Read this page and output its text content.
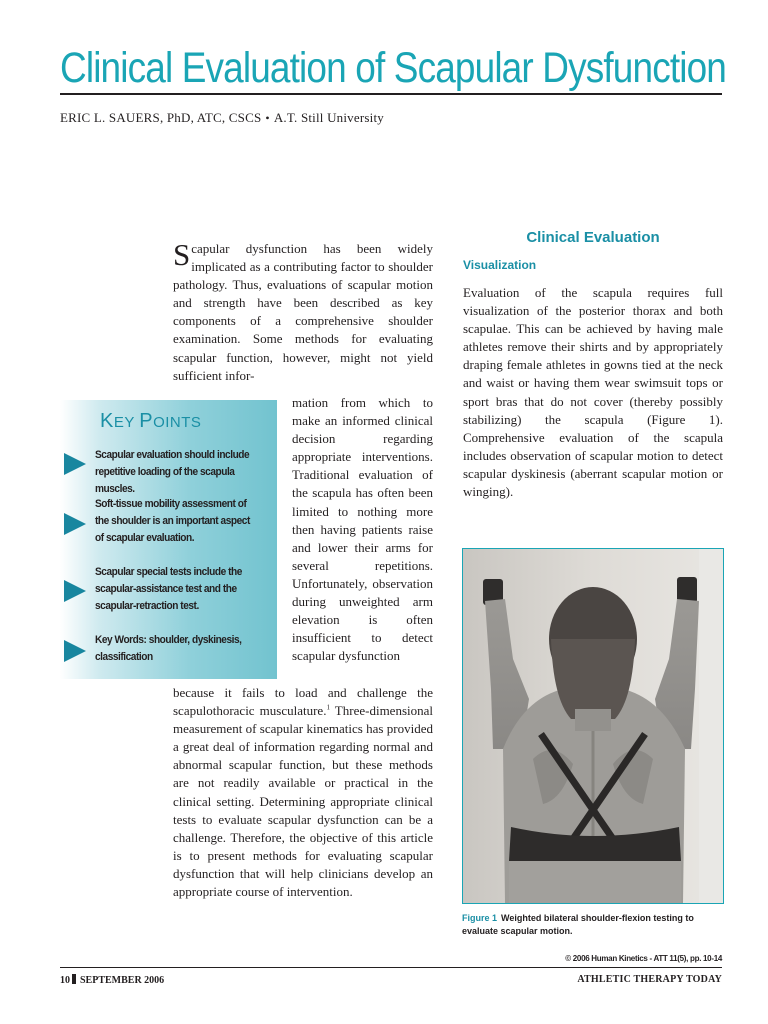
Clinical Evaluation of Scapular Dysfunction
ERIC L. SAUERS, PhD, ATC, CSCS • A.T. Still University
KEY POINTS
Scapular evaluation should include repetitive loading of the scapula muscles.
Soft-tissue mobility assessment of the shoulder is an important aspect of scapular evaluation.
Scapular special tests include the scapular-assistance test and the scapular-retraction test.
Key Words: shoulder, dyskinesis, classification
Scapular dysfunction has been widely implicated as a contributing factor to shoulder pathology. Thus, evaluations of scapular motion and strength have been described as key components of a comprehensive shoulder examination. Some methods for evaluating scapular function, however, might not yield sufficient infor-
mation from which to make an informed clinical decision regarding appropriate interventions. Traditional evaluation of the scapula has often been limited to nothing more then having patients raise and lower their arms for several repetitions. Unfortunately, observation during unweighted arm elevation is often insufficient to detect scapular dysfunction
because it fails to load and challenge the scapulothoracic musculature.$^1$ Three-dimensional measurement of scapular kinematics has provided a great deal of information regarding normal and abnormal scapular function, but these methods are not readily available or practical in the clinical setting. Determining appropriate clinical tests to evaluate scapular dysfunction can be a challenge. Therefore, the objective of this article is to present methods for evaluating scapular dysfunction that will help clinicians develop an appropriate course of intervention.
Clinical Evaluation
Visualization
Evaluation of the scapula requires full visualization of the posterior thorax and both scapulae. This can be achieved by having male athletes remove their shirts and by appropriately draping female athletes in gowns tied at the neck and waist or having them wear swimsuit tops or sport bras that do not cover (thereby possibly stabilizing) the scapula (Figure 1). Comprehensive evaluation of the scapula includes observation of scapular motion to detect scapular dyskinesis (aberrant scapular motion or winging).
Figure 1 Weighted bilateral shoulder-flexion testing to evaluate scapular motion.
© 2006 Human Kinetics - ATT 11(5), pp. 10-14
10 SEPTEMBER 2006	ATHLETIC THERAPY TODAY
